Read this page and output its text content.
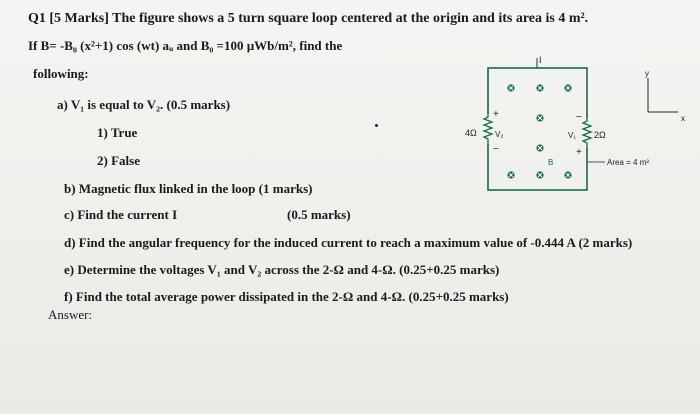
Q1 [5 Marks] The figure shows a 5 turn square loop centered at the origin and its area is 4 m².
If B= -B₀ (x²+1) cos (wt) aᵤ and B₀ =100 µWb/m², find the
following:
a) V₁ is equal to V₂. (0.5 marks)
1) True
2) False
b) Magnetic flux linked in the loop (1 marks)
c) Find the current I	(0.5 marks)
d) Find the angular frequency for the induced current to reach a maximum value of -0.444 A (2 marks)
e) Determine the voltages V₁ and V₂ across the 2-Ω and 4-Ω. (0.25+0.25 marks)
f) Find the total average power dissipated in the 2-Ω and 4-Ω. (0.25+0.25 marks)
Answer:
I
4Ω V₂
+
−
V₁ 2Ω
−
+
B	Area = 4 m²
y
x
